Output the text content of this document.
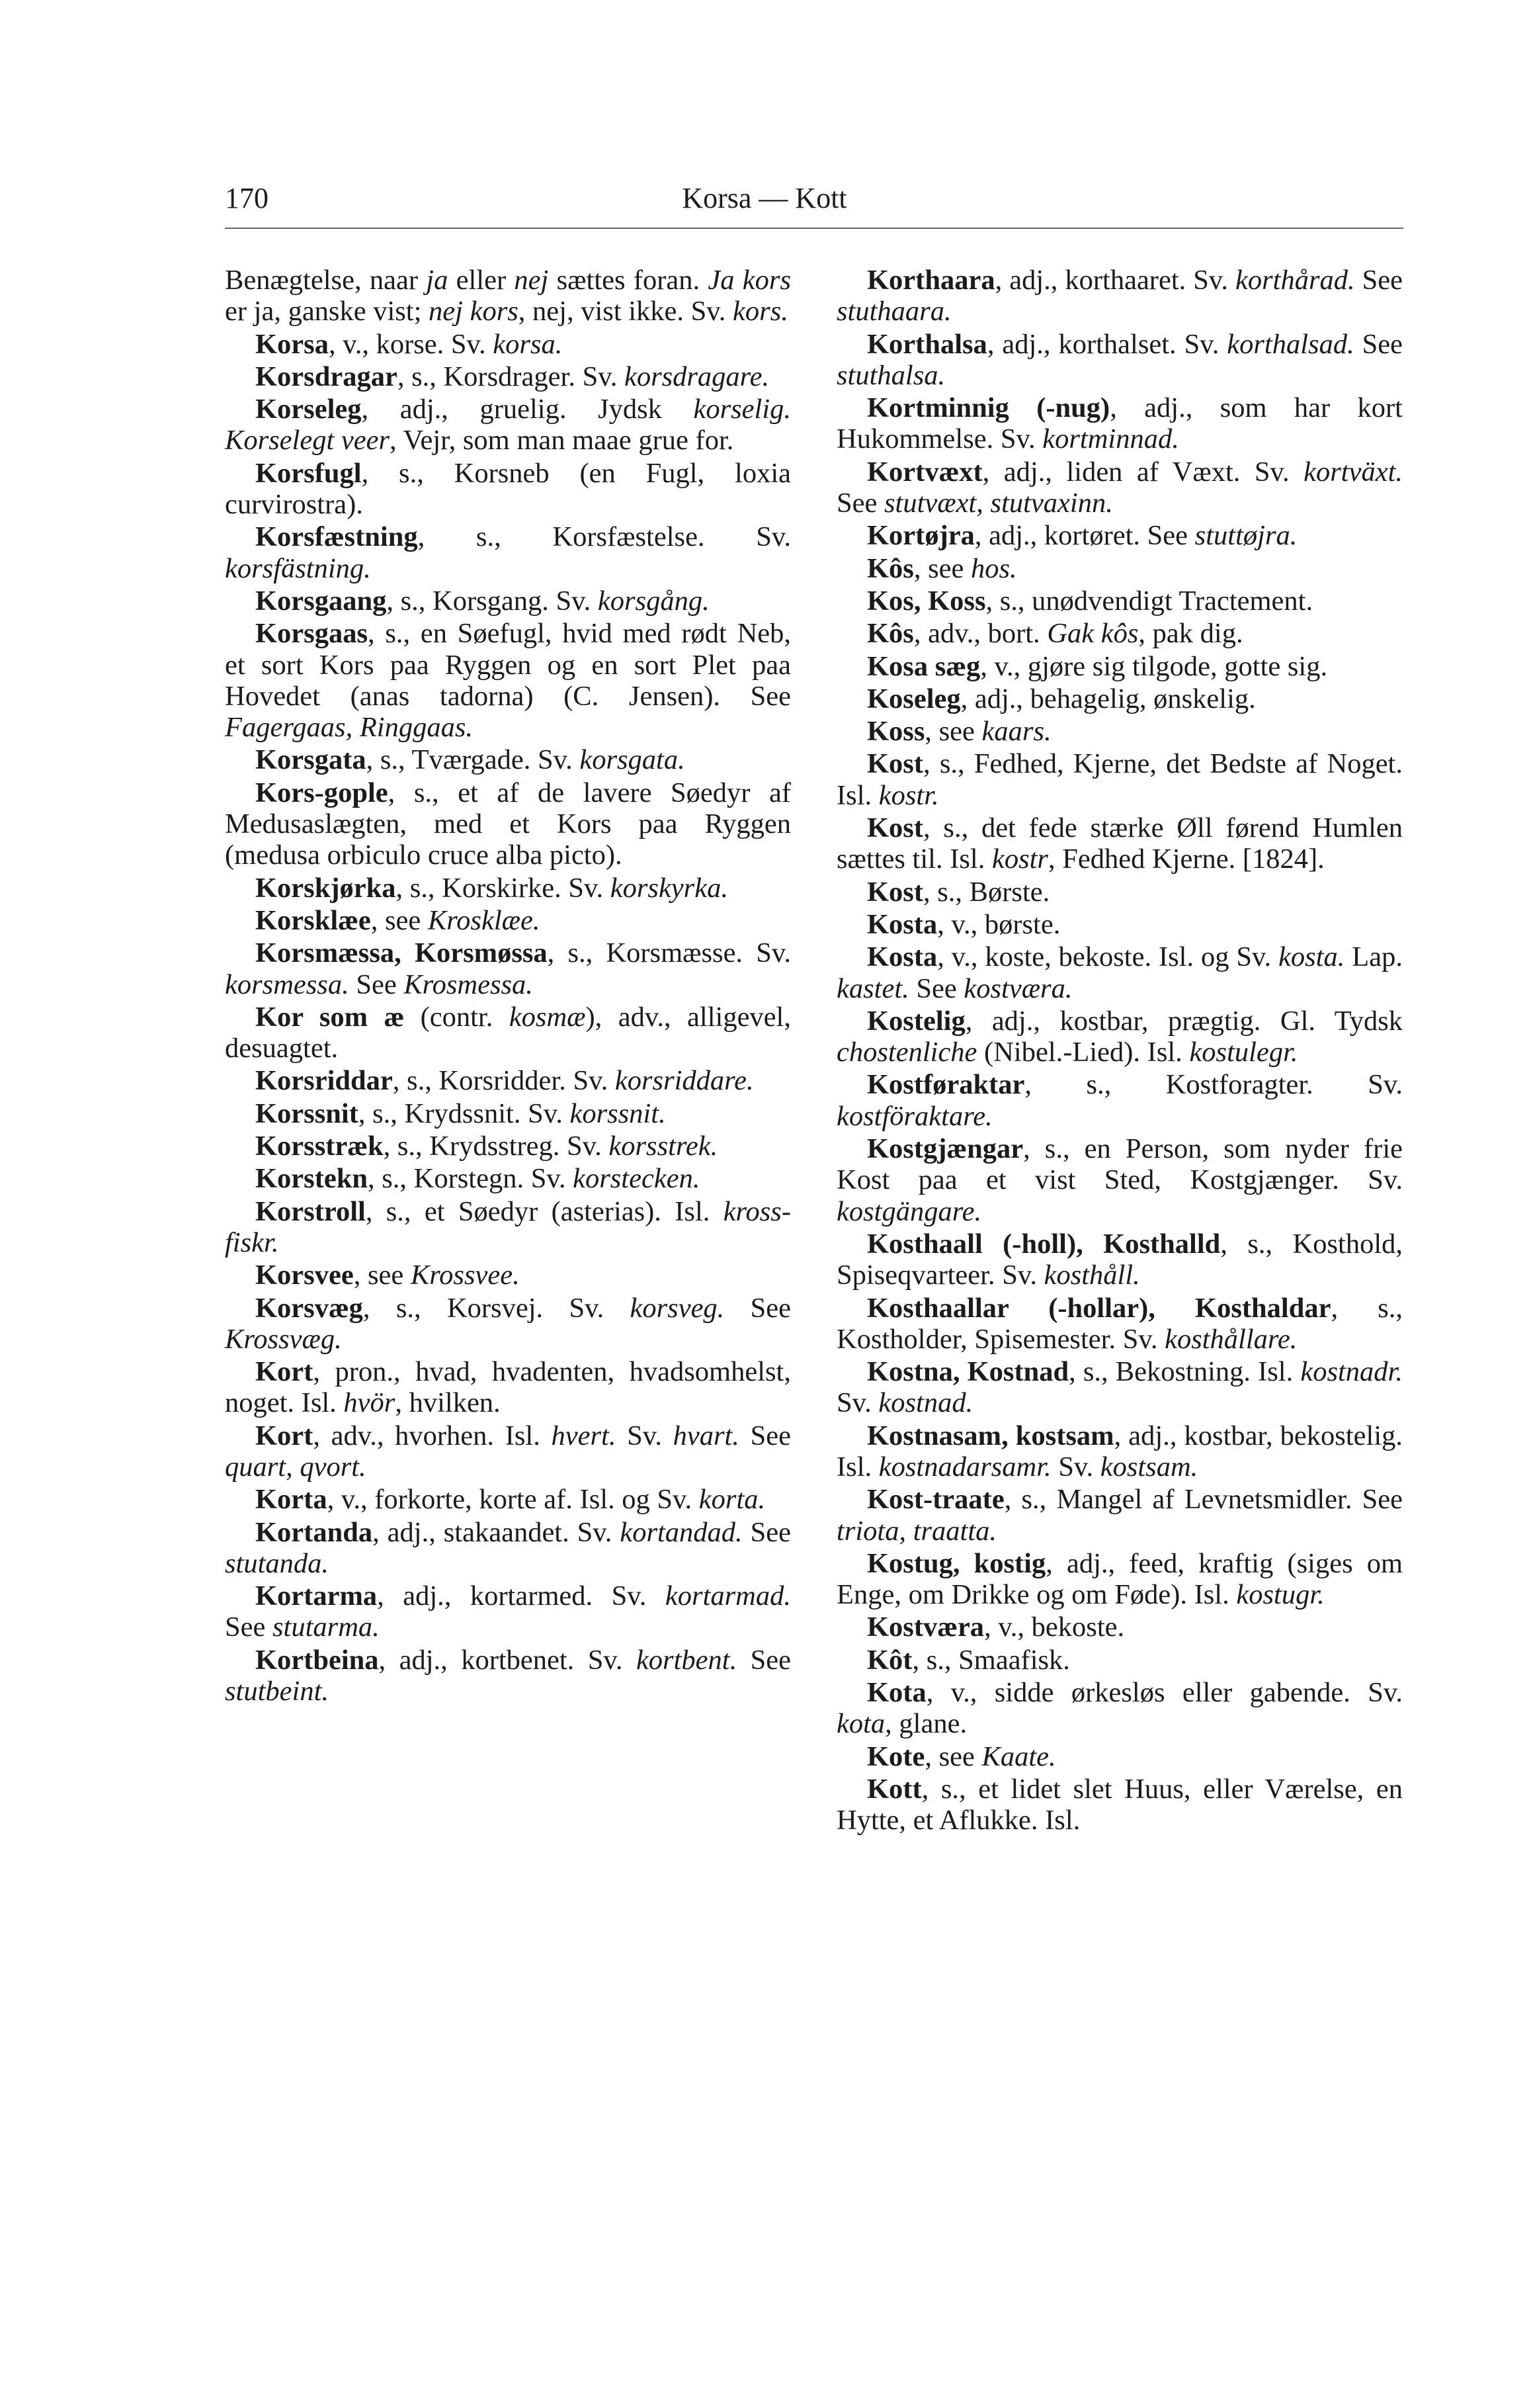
170	Korsa — Kott

Benægtelse, naar ja eller nej sættes foran. Ja kors er ja, ganske vist; nej kors, nej, vist ikke. Sv. kors.

Korsa, v., korse. Sv. korsa.

Korsdragar, s., Korsdrager. Sv. korsdragare.

Korseleg, adj., gruelig. Jydsk korselig. Korselegt veer, Vejr, som man maae grue for.

Korsfugl, s., Korsneb (en Fugl, loxia curvirostra).

Korsfæstning, s., Korsfæstelse. Sv. korsfästning.

Korsgaang, s., Korsgang. Sv. korsgång.

Korsgaas, s., en Søefugl, hvid med rødt Neb, et sort Kors paa Ryggen og en sort Plet paa Hovedet (anas tadorna) (C. Jensen). See Fagergaas, Ringgaas.

Korsgata, s., Tværgade. Sv. korsgata.

Kors-gople, s., et af de lavere Søedyr af Medusaslægten, med et Kors paa Ryggen (medusa orbiculo cruce alba picto).

Korskjørka, s., Korskirke. Sv. korskyrka.

Korsklæe, see Krosklæe.

Korsmæssa, Korsmøssa, s., Korsmæsse. Sv. korsmessa. See Krosmessa.

Kor som æ (contr. kosmæ), adv., alligevel, desuagtet.

Korsriddar, s., Korsridder. Sv. korsriddare.

Korssnit, s., Krydssnit. Sv. korssnit.

Korsstræk, s., Krydsstreg. Sv. korsstrek.

Korstekn, s., Korstegn. Sv. korstecken.

Korstroll, s., et Søedyr (asterias). Isl. kross-fiskr.

Korsvee, see Krossvee.

Korsvæg, s., Korsvej. Sv. korsveg. See Krossvæg.

Kort, pron., hvad, hvadenten, hvadsomhelst, noget. Isl. hvör, hvilken.

Kort, adv., hvorhen. Isl. hvert. Sv. hvart. See quart, qvort.

Korta, v., forkorte, korte af. Isl. og Sv. korta.

Kortanda, adj., stakaandet. Sv. kortandad. See stutanda.

Kortarma, adj., kortarmed. Sv. kortarmad. See stutarma.

Kortbeina, adj., kortbenet. Sv. kortbent. See stutbeint.

Korthaara, adj., korthaaret. Sv. korthårad. See stuthaara.

Korthalsa, adj., korthalset. Sv. korthalsad. See stuthalsa.

Kortminnig (-nug), adj., som har kort Hukommelse. Sv. kortminnad.

Kortvæxt, adj., liden af Væxt. Sv. kortväxt. See stutvæxt, stutvaxinn.

Kortøjra, adj., kortøret. See stuttøjra.

Kôs, see hos.

Kos, Koss, s., unødvendigt Tractement.

Kôs, adv., bort. Gak kôs, pak dig.

Kosa sæg, v., gjøre sig tilgode, gotte sig.

Koseleg, adj., behagelig, ønskelig.

Koss, see kaars.

Kost, s., Fedhed, Kjerne, det Bedste af Noget. Isl. kostr.

Kost, s., det fede stærke Øll førend Humlen sættes til. Isl. kostr, Fedhed Kjerne. [1824].

Kost, s., Børste.

Kosta, v., børste.

Kosta, v., koste, bekoste. Isl. og Sv. kosta. Lap. kastet. See kostværa.

Kostelig, adj., kostbar, prægtig. Gl. Tydsk chostenliche (Nibel.-Lied). Isl. kostulegr.

Kostføraktar, s., Kostforagter. Sv. kostföraktare.

Kostgjængar, s., en Person, som nyder frie Kost paa et vist Sted, Kostgjænger. Sv. kostgängare.

Kosthaall (-holl), Kosthalld, s., Kosthold, Spiseqvarteer. Sv. kosthåll.

Kosthaallar (-hollar), Kosthaldar, s., Kostholder, Spisemester. Sv. kosthållare.

Kostna, Kostnad, s., Bekostning. Isl. kostnadr. Sv. kostnad.

Kostnasam, kostsam, adj., kostbar, bekostelig. Isl. kostnadarsamr. Sv. kostsam.

Kost-traate, s., Mangel af Levnetsmidler. See triota, traatta.

Kostug, kostig, adj., feed, kraftig (siges om Enge, om Drikke og om Føde). Isl. kostugr.

Kostværa, v., bekoste.

Kôt, s., Smaafisk.

Kota, v., sidde ørkesløs eller gabende. Sv. kota, glane.

Kote, see Kaate.

Kott, s., et lidet slet Huus, eller Værelse, en Hytte, et Aflukke. Isl.
